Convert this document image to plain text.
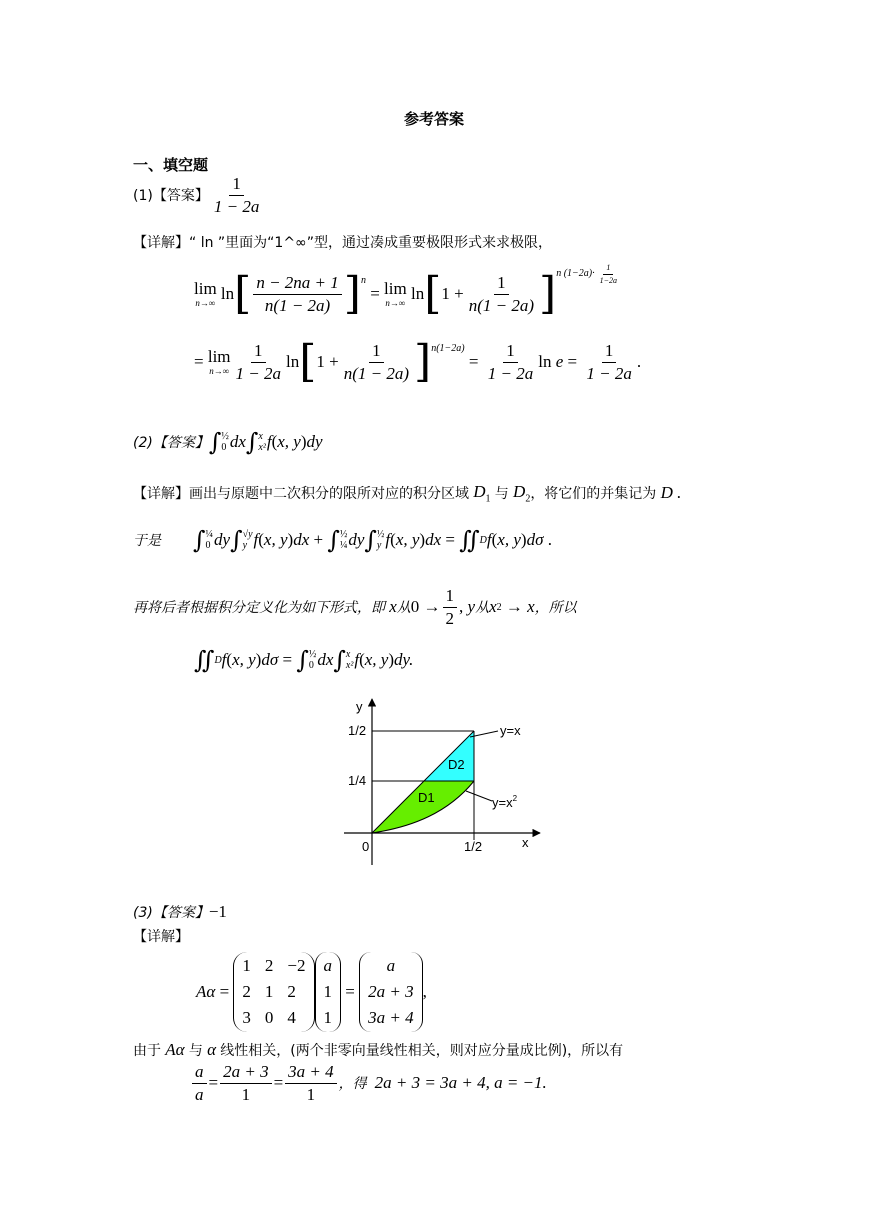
参考答案
一、填空题
(1)【答案】 $\frac{1}{1 - 2a}$
【详解】 “ ln ”里面为“1^∞”型，通过凑成重要极限形式来求极限，
lim
n→∞ ln [ $\frac{n - 2na + 1}{n(1 - 2a)}$ ] n
= lim
n→∞ ln [ $1 + \frac{1}{n(1 - 2a)}$ ] n $(1-2a)\cdot \frac{1}{1-2a}$
= lim
$n\to\infty \frac{1}{1 - 2a}$ ln [ $1 + \frac{1}{n(1 - 2a)}$ ] n(1−2a)
= $\frac{1}{1 - 2a}$ $\ln e = \frac{1}{1 - 2a}$ .
(2)【答案】 ∫ ½
0 dx ∫ x
x² f ( x, y ) dy
【详解】 画出与原题中二次积分的限所对应的积分区域 $D_1$ 与 $D_2$ ，将它们的并集记为 D .
于是 ∫ ¼
0 dy ∫ √y
y f ( x, y ) dx + ∫ ½
¼ dy ∫ ½
y f ( x, y ) dx = ∬ D f ( x, y ) dσ .
再将后者根据积分定义化为如下形式，即 x 从 $0 \to \frac{1}{2}$ , y 从 x 2 → x ，所以
∬ D f ( x, y ) dσ = ∫ ½
0 dx ∫ x
x² f ( x, y ) dy.
y
x
0
1/2
1/4
1/2
D1
D2
y=x
$y=x^2$
(3)【答案】 −1
【详解】
Aα =
1 2 −2
2 1 2
3 0 4
a
1
1
=
a
2a + 3
3a + 4
,
由于 Aα 与 α 线性相关，(两个非零向量线性相关，则对应分量成比例)，所以有
$\frac{a}{a} = \frac{2a + 3}{1} = \frac{3a + 4}{1}$ ，得 2a + 3 = 3a + 4, a = −1.
